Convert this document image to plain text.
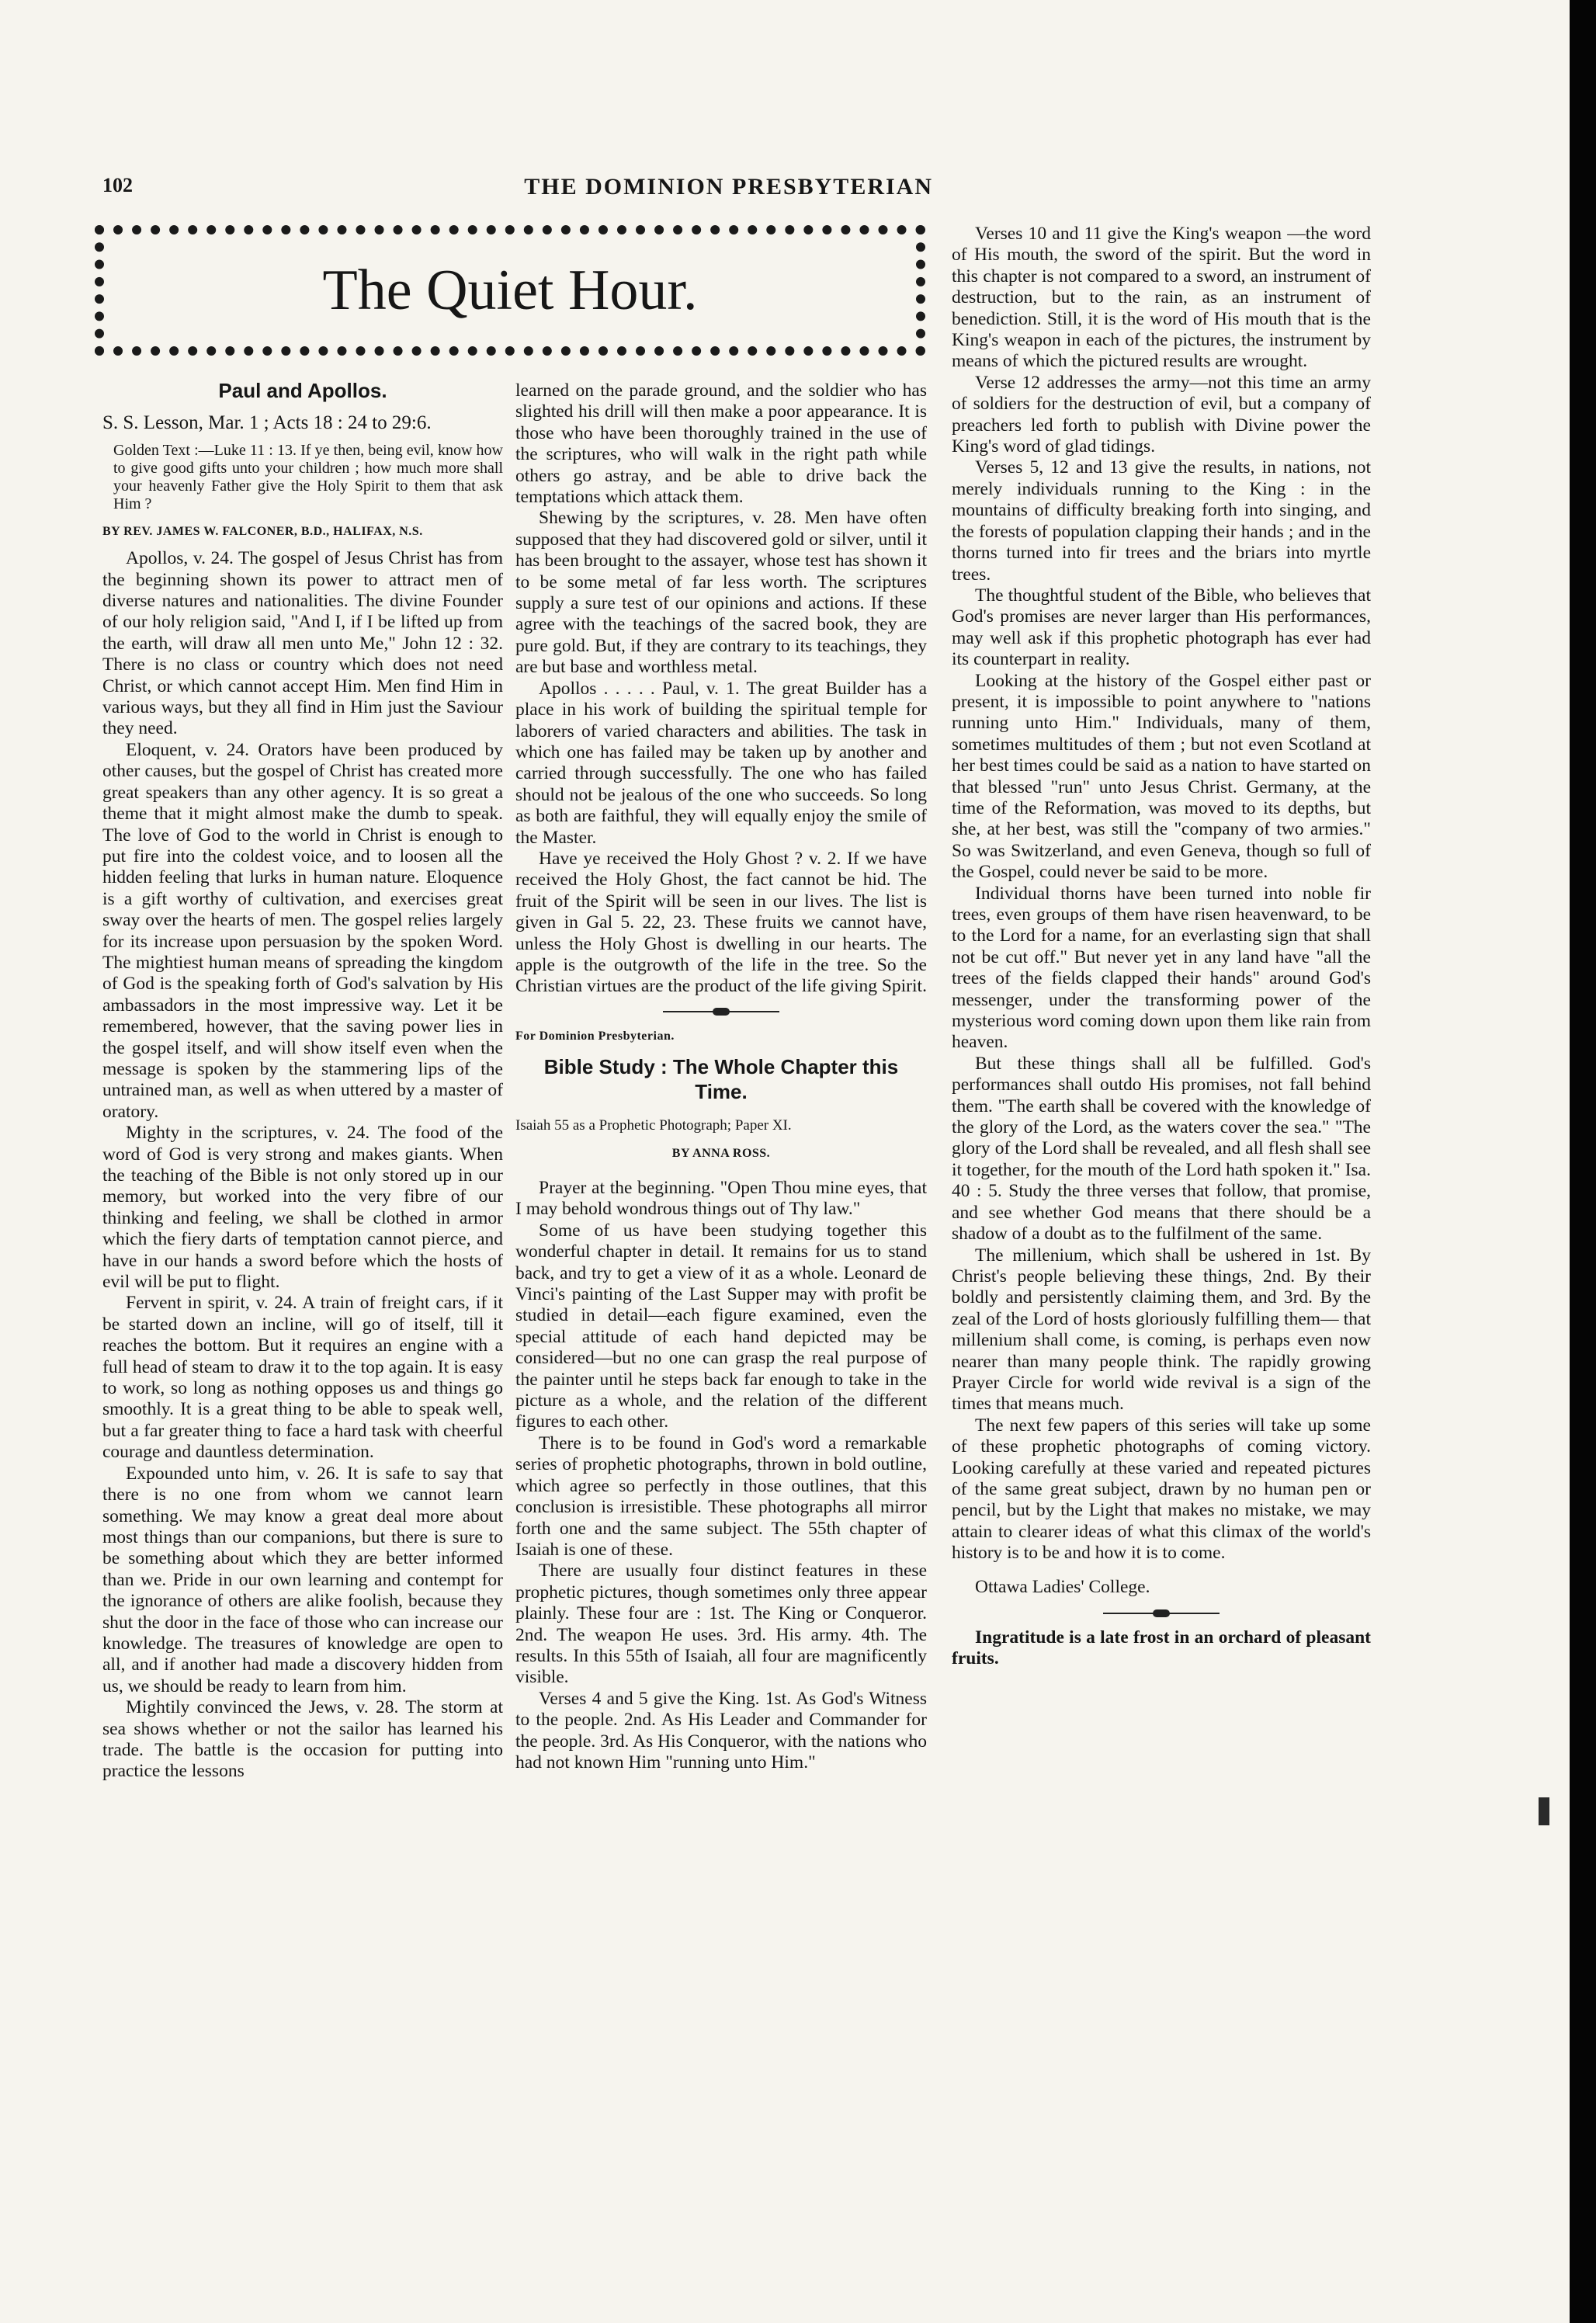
102	THE DOMINION PRESBYTERIAN
The Quiet Hour.
Paul and Apollos.

S. S. Lesson, Mar. 1 ; Acts 18 : 24 to 29:6.

Golden Text :—Luke 11 : 13. If ye then, being evil, know how to give good gifts unto your children ; how much more shall your heavenly Father give the Holy Spirit to them that ask Him ?

BY REV. JAMES W. FALCONER, B.D., HALIFAX, N.S.

Apollos, v. 24. The gospel of Jesus Christ has from the beginning shown its power to attract men of diverse natures and nationalities. The divine Founder of our holy religion said, "And I, if I be lifted up from the earth, will draw all men unto Me," John 12 : 32. There is no class or country which does not need Christ, or which cannot accept Him. Men find Him in various ways, but they all find in Him just the Saviour they need.

Eloquent, v. 24. Orators have been produced by other causes, but the gospel of Christ has created more great speakers than any other agency. It is so great a theme that it might almost make the dumb to speak. The love of God to the world in Christ is enough to put fire into the coldest voice, and to loosen all the hidden feeling that lurks in human nature. Eloquence is a gift worthy of cultivation, and exercises great sway over the hearts of men. The gospel relies largely for its increase upon persuasion by the spoken Word. The mightiest human means of spreading the kingdom of God is the speaking forth of God's salvation by His ambassadors in the most impressive way. Let it be remembered, however, that the saving power lies in the gospel itself, and will show itself even when the message is spoken by the stammering lips of the untrained man, as well as when uttered by a master of oratory.

Mighty in the scriptures, v. 24. The food of the word of God is very strong and makes giants. When the teaching of the Bible is not only stored up in our memory, but worked into the very fibre of our thinking and feeling, we shall be clothed in armor which the fiery darts of temptation cannot pierce, and have in our hands a sword before which the hosts of evil will be put to flight.

Fervent in spirit, v. 24. A train of freight cars, if it be started down an incline, will go of itself, till it reaches the bottom. But it requires an engine with a full head of steam to draw it to the top again. It is easy to work, so long as nothing opposes us and things go smoothly. It is a great thing to be able to speak well, but a far greater thing to face a hard task with cheerful courage and dauntless determination.

Expounded unto him, v. 26. It is safe to say that there is no one from whom we cannot learn something. We may know a great deal more about most things than our companions, but there is sure to be something about which they are better informed than we. Pride in our own learning and contempt for the ignorance of others are alike foolish, because they shut the door in the face of those who can increase our knowledge. The treasures of knowledge are open to all, and if another had made a discovery hidden from us, we should be ready to learn from him.

Mightily convinced the Jews, v. 28. The storm at sea shows whether or not the sailor has learned his trade. The battle is the occasion for putting into practice the lessons

learned on the parade ground, and the soldier who has slighted his drill will then make a poor appearance. It is those who have been thoroughly trained in the use of the scriptures, who will walk in the right path while others go astray, and be able to drive back the temptations which attack them.

Shewing by the scriptures, v. 28. Men have often supposed that they had discovered gold or silver, until it has been brought to the assayer, whose test has shown it to be some metal of far less worth. The scriptures supply a sure test of our opinions and actions. If these agree with the teachings of the sacred book, they are pure gold. But, if they are contrary to its teachings, they are but base and worthless metal.

Apollos . . . . . Paul, v. 1. The great Builder has a place in his work of building the spiritual temple for laborers of varied characters and abilities. The task in which one has failed may be taken up by another and carried through successfully. The one who has failed should not be jealous of the one who succeeds. So long as both are faithful, they will equally enjoy the smile of the Master.

Have ye received the Holy Ghost ? v. 2. If we have received the Holy Ghost, the fact cannot be hid. The fruit of the Spirit will be seen in our lives. The list is given in Gal 5. 22, 23. These fruits we cannot have, unless the Holy Ghost is dwelling in our hearts. The apple is the outgrowth of the life in the tree. So the Christian virtues are the product of the life giving Spirit.

For Dominion Presbyterian.

Bible Study : The Whole Chapter this Time.

Isaiah 55 as a Prophetic Photograph; Paper XI.

BY ANNA ROSS.

Prayer at the beginning. "Open Thou mine eyes, that I may behold wondrous things out of Thy law."

Some of us have been studying together this wonderful chapter in detail. It remains for us to stand back, and try to get a view of it as a whole. Leonard de Vinci's painting of the Last Supper may with profit be studied in detail—each figure examined, even the special attitude of each hand depicted may be considered—but no one can grasp the real purpose of the painter until he steps back far enough to take in the picture as a whole, and the relation of the different figures to each other.

There is to be found in God's word a remarkable series of prophetic photographs, thrown in bold outline, which agree so perfectly in those outlines, that this conclusion is irresistible. These photographs all mirror forth one and the same subject. The 55th chapter of Isaiah is one of these.

There are usually four distinct features in these prophetic pictures, though sometimes only three appear plainly. These four are : 1st. The King or Conqueror. 2nd. The weapon He uses. 3rd. His army. 4th. The results. In this 55th of Isaiah, all four are magnificently visible.

Verses 4 and 5 give the King. 1st. As God's Witness to the people. 2nd. As His Leader and Commander for the people. 3rd. As His Conqueror, with the nations who had not known Him "running unto Him."

Verses 10 and 11 give the King's weapon —the word of His mouth, the sword of the spirit. But the word in this chapter is not compared to a sword, an instrument of destruction, but to the rain, as an instrument of benediction. Still, it is the word of His mouth that is the King's weapon in each of the pictures, the instrument by means of which the pictured results are wrought.

Verse 12 addresses the army—not this time an army of soldiers for the destruction of evil, but a company of preachers led forth to publish with Divine power the King's word of glad tidings.

Verses 5, 12 and 13 give the results, in nations, not merely individuals running to the King : in the mountains of difficulty breaking forth into singing, and the forests of population clapping their hands ; and in the thorns turned into fir trees and the briars into myrtle trees.

The thoughtful student of the Bible, who believes that God's promises are never larger than His performances, may well ask if this prophetic photograph has ever had its counterpart in reality.

Looking at the history of the Gospel either past or present, it is impossible to point anywhere to "nations running unto Him." Individuals, many of them, sometimes multitudes of them ; but not even Scotland at her best times could be said as a nation to have started on that blessed "run" unto Jesus Christ. Germany, at the time of the Reformation, was moved to its depths, but she, at her best, was still the "company of two armies." So was Switzerland, and even Geneva, though so full of the Gospel, could never be said to be more.

Individual thorns have been turned into noble fir trees, even groups of them have risen heavenward, to be to the Lord for a name, for an everlasting sign that shall not be cut off." But never yet in any land have "all the trees of the fields clapped their hands" around God's messenger, under the transforming power of the mysterious word coming down upon them like rain from heaven.

But these things shall all be fulfilled. God's performances shall outdo His promises, not fall behind them. "The earth shall be covered with the knowledge of the glory of the Lord, as the waters cover the sea." "The glory of the Lord shall be revealed, and all flesh shall see it together, for the mouth of the Lord hath spoken it." Isa. 40 : 5. Study the three verses that follow, that promise, and see whether God means that there should be a shadow of a doubt as to the fulfilment of the same.

The millenium, which shall be ushered in 1st. By Christ's people believing these things, 2nd. By their boldly and persistently claiming them, and 3rd. By the zeal of the Lord of hosts gloriously fulfilling them— that millenium shall come, is coming, is perhaps even now nearer than many people think. The rapidly growing Prayer Circle for world wide revival is a sign of the times that means much.

The next few papers of this series will take up some of these prophetic photographs of coming victory. Looking carefully at these varied and repeated pictures of the same great subject, drawn by no human pen or pencil, but by the Light that makes no mistake, we may attain to clearer ideas of what this climax of the world's history is to be and how it is to come.

Ottawa Ladies' College.

Ingratitude is a late frost in an orchard of pleasant fruits.
